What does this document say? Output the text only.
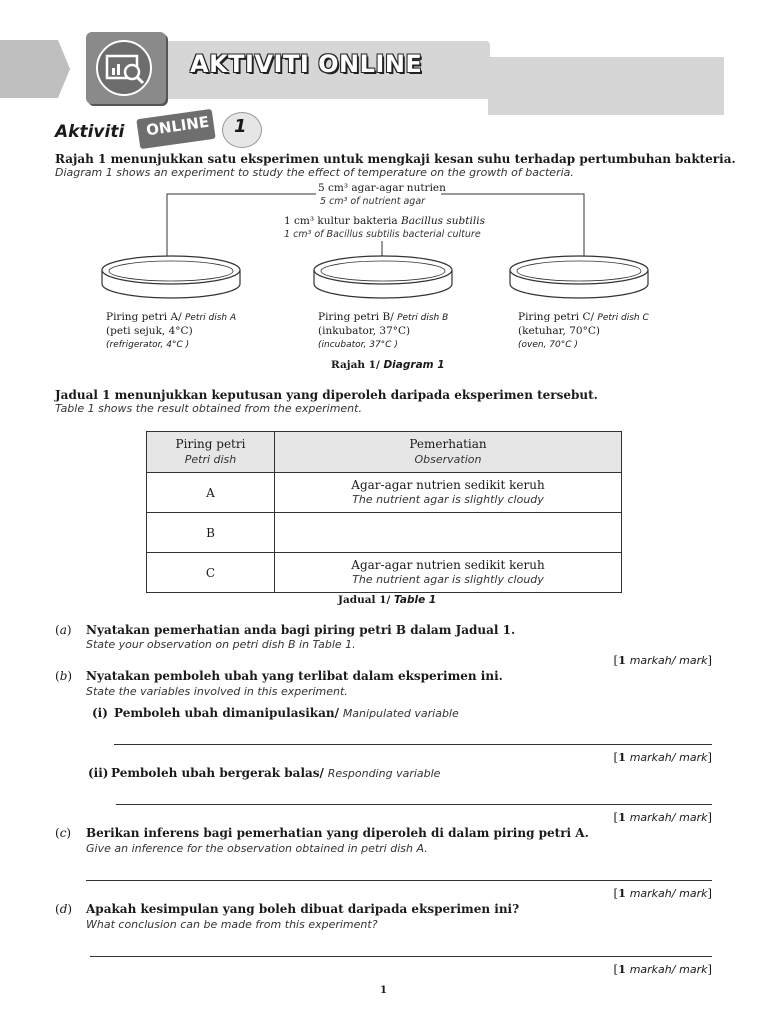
AKTIVITI ONLINE
Aktiviti ONLINE 1
Rajah 1 menunjukkan satu eksperimen untuk mengkaji kesan suhu terhadap pertumbuhan bakteria.
Diagram 1 shows an experiment to study the effect of temperature on the growth of bacteria.
5 cm³ agar-agar nutrien
5 cm³ of nutrient agar
1 cm³ kultur bakteria Bacillus subtilis
1 cm³ of Bacillus subtilis bacterial culture
Piring petri A/ Petri dish A
(peti sejuk, 4°C)
(refrigerator, 4°C )
Piring petri B/ Petri dish B
(inkubator, 37°C)
(incubator, 37°C )
Piring petri C/ Petri dish C
(ketuhar, 70°C)
(oven, 70°C )
Rajah 1/ Diagram 1
Jadual 1 menunjukkan keputusan yang diperoleh daripada eksperimen tersebut.
Table 1 shows the result obtained from the experiment.
Piring petri
Petri dish	Pemerhatian
Observation
A	Agar-agar nutrien sedikit keruh
The nutrient agar is slightly cloudy
B	
C	Agar-agar nutrien sedikit keruh
The nutrient agar is slightly cloudy
Jadual 1/ Table 1
(a) Nyatakan pemerhatian anda bagi piring petri B dalam Jadual 1.
State your observation on petri dish B in Table 1.
[1 markah/ mark]
(b) Nyatakan pemboleh ubah yang terlibat dalam eksperimen ini.
State the variables involved in this experiment.
(i) Pemboleh ubah dimanipulasikan/ Manipulated variable
[1 markah/ mark]
(ii) Pemboleh ubah bergerak balas/ Responding variable
[1 markah/ mark]
(c) Berikan inferens bagi pemerhatian yang diperoleh di dalam piring petri A.
Give an inference for the observation obtained in petri dish A.
[1 markah/ mark]
(d) Apakah kesimpulan yang boleh dibuat daripada eksperimen ini?
What conclusion can be made from this experiment?
[1 markah/ mark]
1
